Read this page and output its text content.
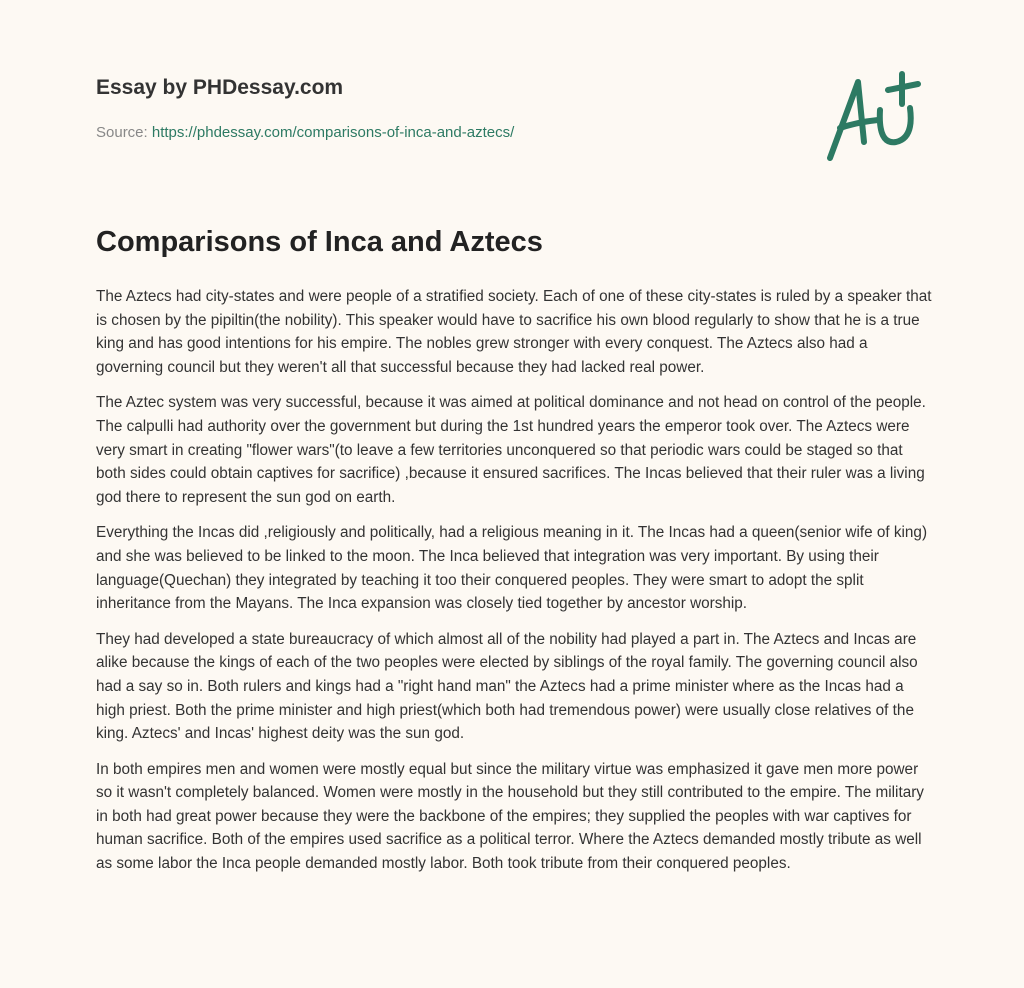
Essay by PHDessay.com
Source: https://phdessay.com/comparisons-of-inca-and-aztecs/
Comparisons of Inca and Aztecs

The Aztecs had city-states and were people of a stratified society. Each of one of these city-states is ruled by a speaker that is chosen by the pipiltin(the nobility). This speaker would have to sacrifice his own blood regularly to show that he is a true king and has good intentions for his empire. The nobles grew stronger with every conquest. The Aztecs also had a governing council but they weren't all that successful because they had lacked real power.

The Aztec system was very successful, because it was aimed at political dominance and not head on control of the people. The calpulli had authority over the government but during the 1st hundred years the emperor took over. The Aztecs were very smart in creating "flower wars"(to leave a few territories unconquered so that periodic wars could be staged so that both sides could obtain captives for sacrifice) ,because it ensured sacrifices. The Incas believed that their ruler was a living god there to represent the sun god on earth.

Everything the Incas did ,religiously and politically, had a religious meaning in it. The Incas had a queen(senior wife of king) and she was believed to be linked to the moon. The Inca believed that integration was very important. By using their language(Quechan) they integrated by teaching it too their conquered peoples. They were smart to adopt the split inheritance from the Mayans. The Inca expansion was closely tied together by ancestor worship.

They had developed a state bureaucracy of which almost all of the nobility had played a part in. The Aztecs and Incas are alike because the kings of each of the two peoples were elected by siblings of the royal family. The governing council also had a say so in. Both rulers and kings had a "right hand man" the Aztecs had a prime minister where as the Incas had a high priest. Both the prime minister and high priest(which both had tremendous power) were usually close relatives of the king. Aztecs' and Incas' highest deity was the sun god.

In both empires men and women were mostly equal but since the military virtue was emphasized it gave men more power so it wasn't completely balanced. Women were mostly in the household but they still contributed to the empire. The military in both had great power because they were the backbone of the empires; they supplied the peoples with war captives for human sacrifice. Both of the empires used sacrifice as a political terror. Where the Aztecs demanded mostly tribute as well as some labor the Inca people demanded mostly labor. Both took tribute from their conquered peoples.
